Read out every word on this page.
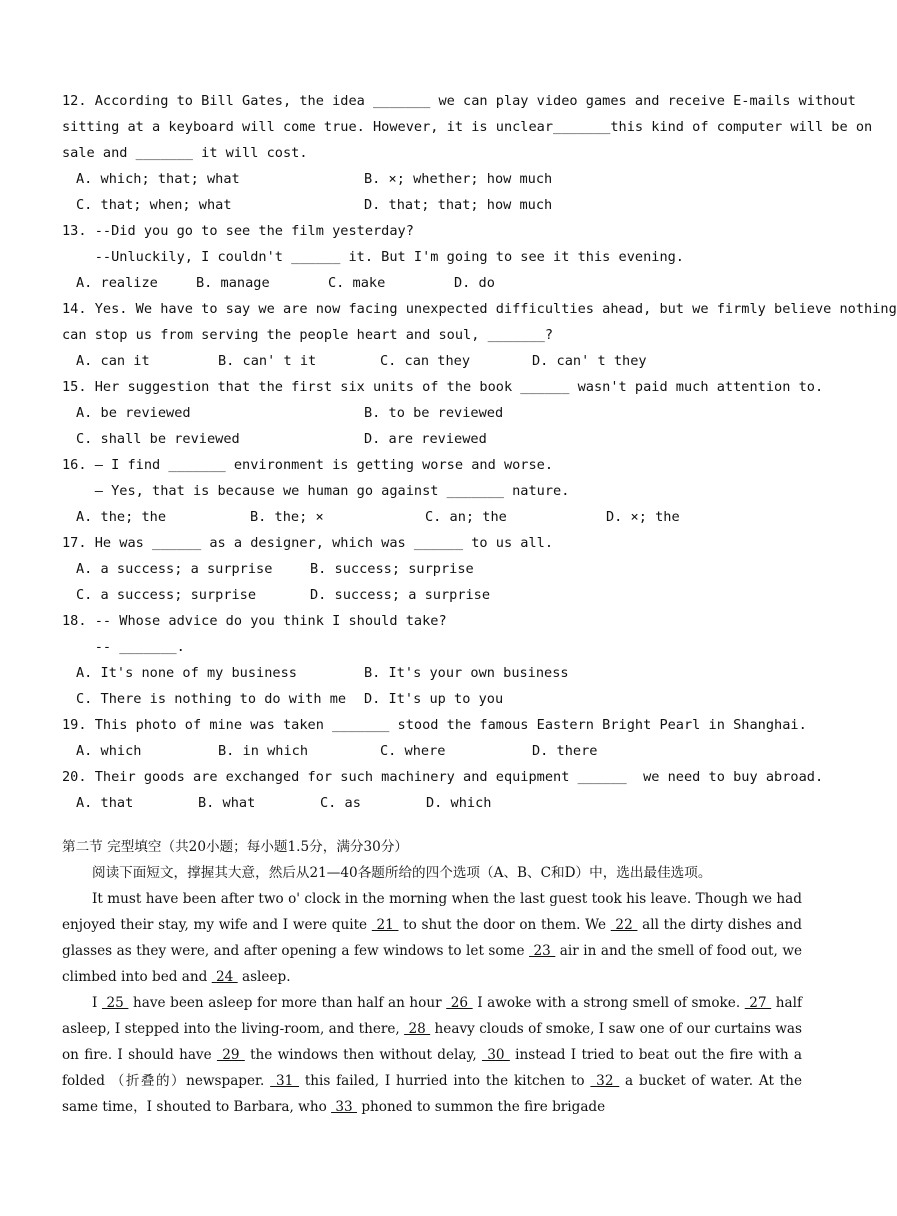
12. According to Bill Gates, the idea _______ we can play video games and receive E-mails without
sitting at a keyboard will come true. However, it is unclear_______this kind of computer will be on
sale and _______ it will cost.
A. which; that; what	B. ×; whether; how much
C. that; when; what	D. that; that; how much
13. --Did you go to see the film yesterday?
--Unluckily, I couldn't ______ it. But I'm going to see it this evening.
A. realize	B. manage	C. make	D. do
14. Yes. We have to say we are now facing unexpected difficulties ahead, but we firmly believe nothing
can stop us from serving the people heart and soul, _______?
A. can it	B. can' t it	C. can they	D. can' t they
15. Her suggestion that the first six units of the book ______ wasn't paid much attention to.
A. be reviewed	B. to be reviewed
C. shall be reviewed	D. are reviewed
16. — I find _______ environment is getting worse and worse.
— Yes, that is because we human go against _______ nature.
A. the; the	B. the; ×	C. an; the	D. ×; the
17. He was ______ as a designer, which was ______ to us all.
A. a success; a surprise	B. success; surprise
C. a success; surprise	D. success; a surprise
18. -- Whose advice do you think I should take?
-- _______.
A. It's none of my business	B. It's your own business
C. There is nothing to do with me D. It's up to you
19. This photo of mine was taken _______ stood the famous Eastern Bright Pearl in Shanghai.
A. which	B. in which	C. where	D. there
20. Their goods are exchanged for such machinery and equipment ______  we need to buy abroad.
A. that	B. what	C. as	D. which
第二节 完型填空（共20小题；每小题1.5分，满分30分）
阅读下面短文，撑握其大意，然后从21—40各题所给的四个选项（A、B、C和D）中，选出最佳选项。

It must have been after two o' clock in the morning when the last guest took his leave. Though we had enjoyed their stay, my wife and I were quite  21  to shut the door on them. We  22  all the dirty dishes and glasses as they were, and after opening a few windows to let some  23  air in and the smell of food out, we climbed into bed and  24  asleep.

I  25  have been asleep for more than half an hour  26  I awoke with a strong smell of smoke.  27  half asleep, I stepped into the living-room, and there,  28  heavy clouds of smoke, I saw one of our curtains was on fire. I should have  29  the windows then without delay,  30  instead I tried to beat out the fire with a folded （折叠的）newspaper.  31  this failed, I hurried into the kitchen to  32  a bucket of water. At the same time，I shouted to Barbara, who  33  phoned to summon the fire brigade
